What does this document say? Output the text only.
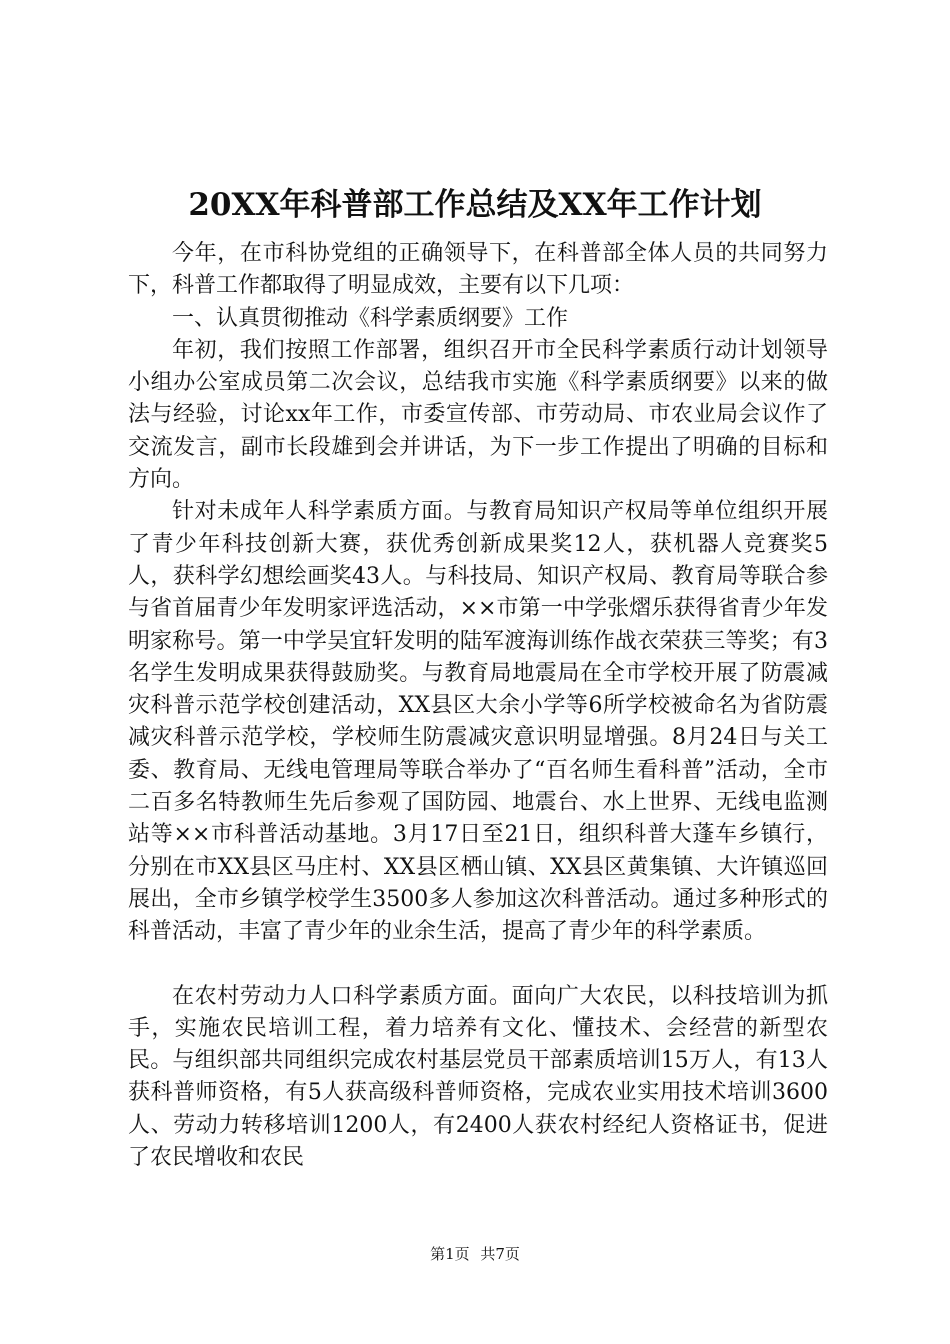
20XX年科普部工作总结及XX年工作计划

今年，在市科协党组的正确领导下，在科普部全体人员的共同努力下，科普工作都取得了明显成效，主要有以下几项：

一、认真贯彻推动《科学素质纲要》工作

年初，我们按照工作部署，组织召开市全民科学素质行动计划领导小组办公室成员第二次会议，总结我市实施《科学素质纲要》以来的做法与经验，讨论xx年工作，市委宣传部、市劳动局、市农业局会议作了交流发言，副市长段雄到会并讲话，为下一步工作提出了明确的目标和方向。

针对未成年人科学素质方面。与教育局知识产权局等单位组织开展了青少年科技创新大赛，获优秀创新成果奖12人，获机器人竞赛奖5人，获科学幻想绘画奖43人。与科技局、知识产权局、教育局等联合参与省首届青少年发明家评选活动，××市第一中学张熠乐获得省青少年发明家称号。第一中学吴宜轩发明的陆军渡海训练作战衣荣获三等奖；有3名学生发明成果获得鼓励奖。与教育局地震局在全市学校开展了防震减灾科普示范学校创建活动，XX县区大余小学等6所学校被命名为省防震减灾科普示范学校，学校师生防震减灾意识明显增强。8月24日与关工委、教育局、无线电管理局等联合举办了“百名师生看科普”活动，全市二百多名特教师生先后参观了国防园、地震台、水上世界、无线电监测站等××市科普活动基地。3月17日至21日，组织科普大蓬车乡镇行，分别在市XX县区马庄村、XX县区栖山镇、XX县区黄集镇、大许镇巡回展出，全市乡镇学校学生3500多人参加这次科普活动。通过多种形式的科普活动，丰富了青少年的业余生活，提高了青少年的科学素质。

在农村劳动力人口科学素质方面。面向广大农民，以科技培训为抓手，实施农民培训工程，着力培养有文化、懂技术、会经营的新型农民。与组织部共同组织完成农村基层党员干部素质培训15万人，有13人获科普师资格，有5人获高级科普师资格，完成农业实用技术培训3600人、劳动力转移培训1200人，有2400人获农村经纪人资格证书，促进了农民增收和农民

第1页 共7页
